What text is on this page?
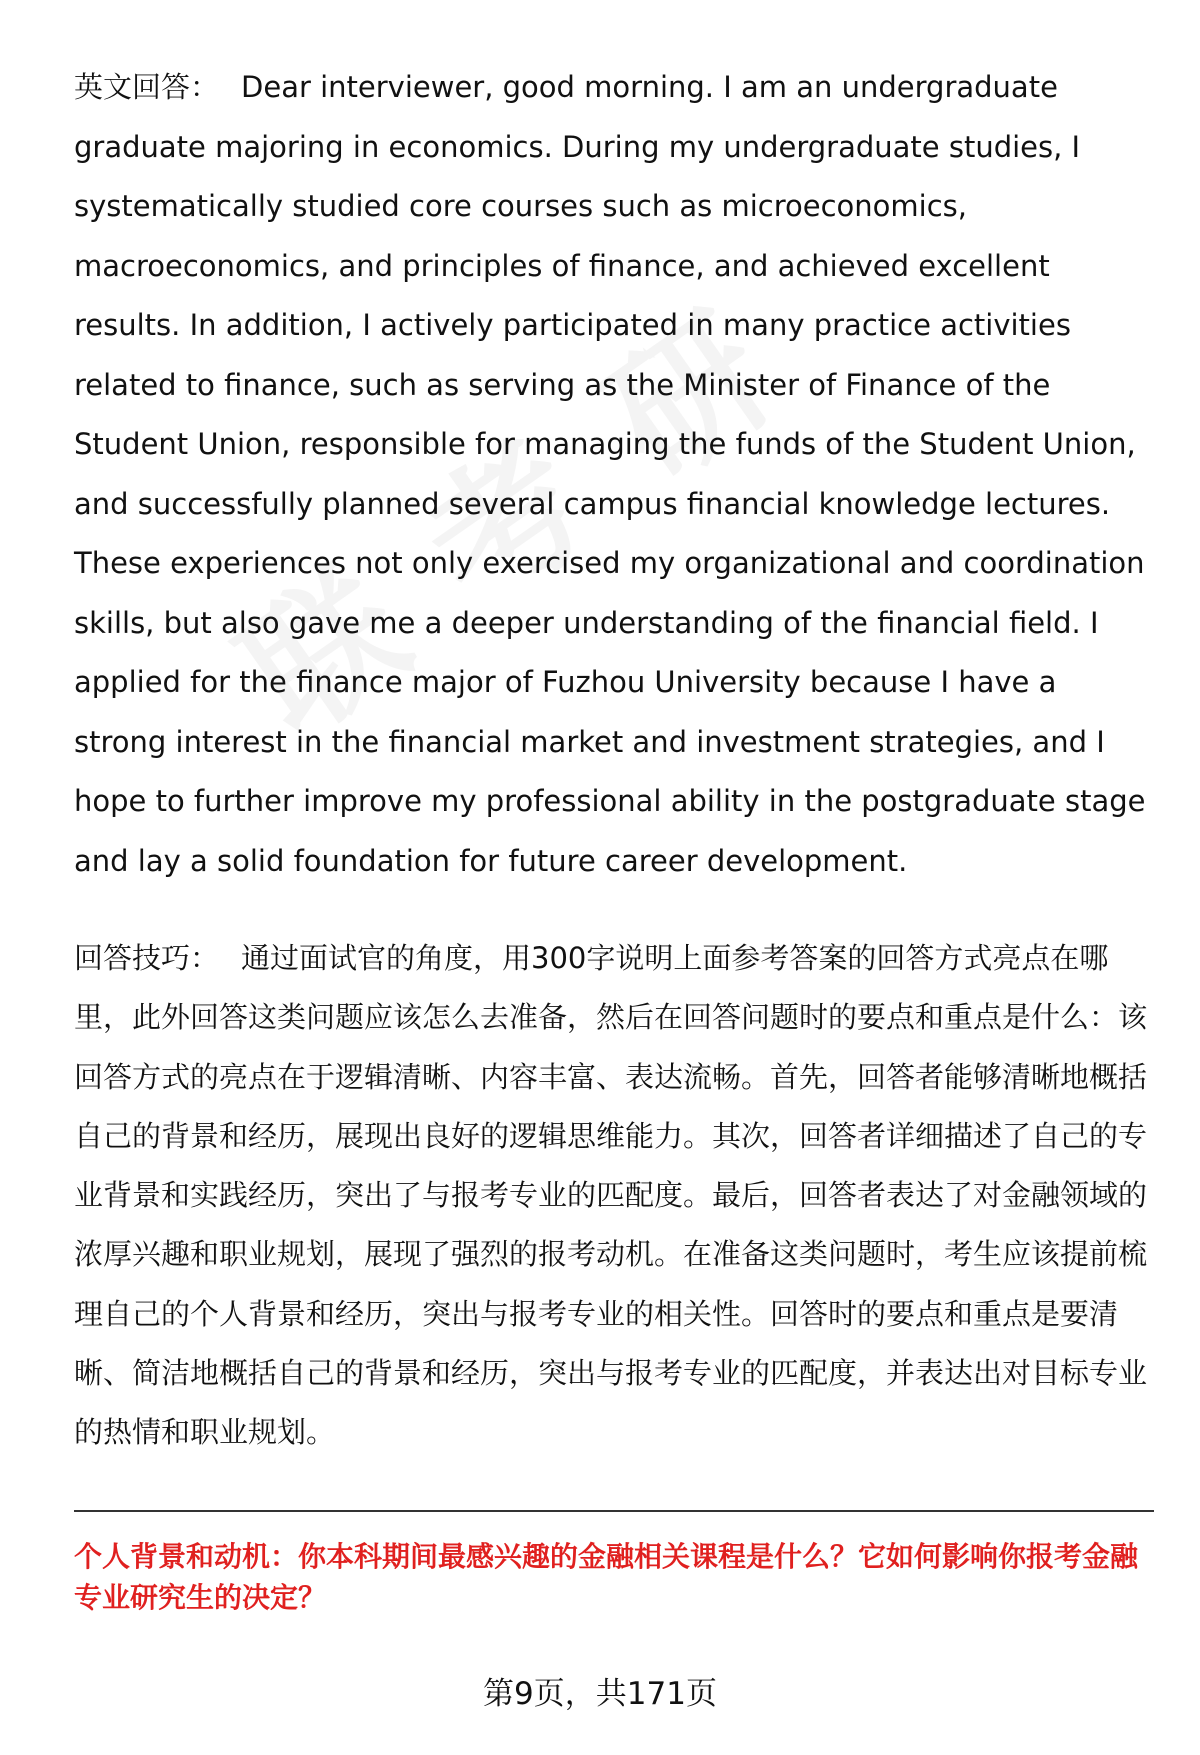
英文回答： Dear interviewer, good morning. I am an undergraduate graduate majoring in economics. During my undergraduate studies, I systematically studied core courses such as microeconomics, macroeconomics, and principles of finance, and achieved excellent results. In addition, I actively participated in many practice activities related to finance, such as serving as the Minister of Finance of the Student Union, responsible for managing the funds of the Student Union, and successfully planned several campus financial knowledge lectures. These experiences not only exercised my organizational and coordination skills, but also gave me a deeper understanding of the financial field. I applied for the finance major of Fuzhou University because I have a strong interest in the financial market and investment strategies, and I hope to further improve my professional ability in the postgraduate stage and lay a solid foundation for future career development.

回答技巧： 通过面试官的角度，用300字说明上面参考答案的回答方式亮点在哪里，此外回答这类问题应该怎么去准备，然后在回答问题时的要点和重点是什么：该回答方式的亮点在于逻辑清晰、内容丰富、表达流畅。首先，回答者能够清晰地概括自己的背景和经历，展现出良好的逻辑思维能力。其次，回答者详细描述了自己的专业背景和实践经历，突出了与报考专业的匹配度。最后，回答者表达了对金融领域的浓厚兴趣和职业规划，展现了强烈的报考动机。在准备这类问题时，考生应该提前梳理自己的个人背景和经历，突出与报考专业的相关性。回答时的要点和重点是要清晰、简洁地概括自己的背景和经历，突出与报考专业的匹配度，并表达出对目标专业的热情和职业规划。

个人背景和动机：你本科期间最感兴趣的金融相关课程是什么？它如何影响你报考金融专业研究生的决定？

第9页，共171页
